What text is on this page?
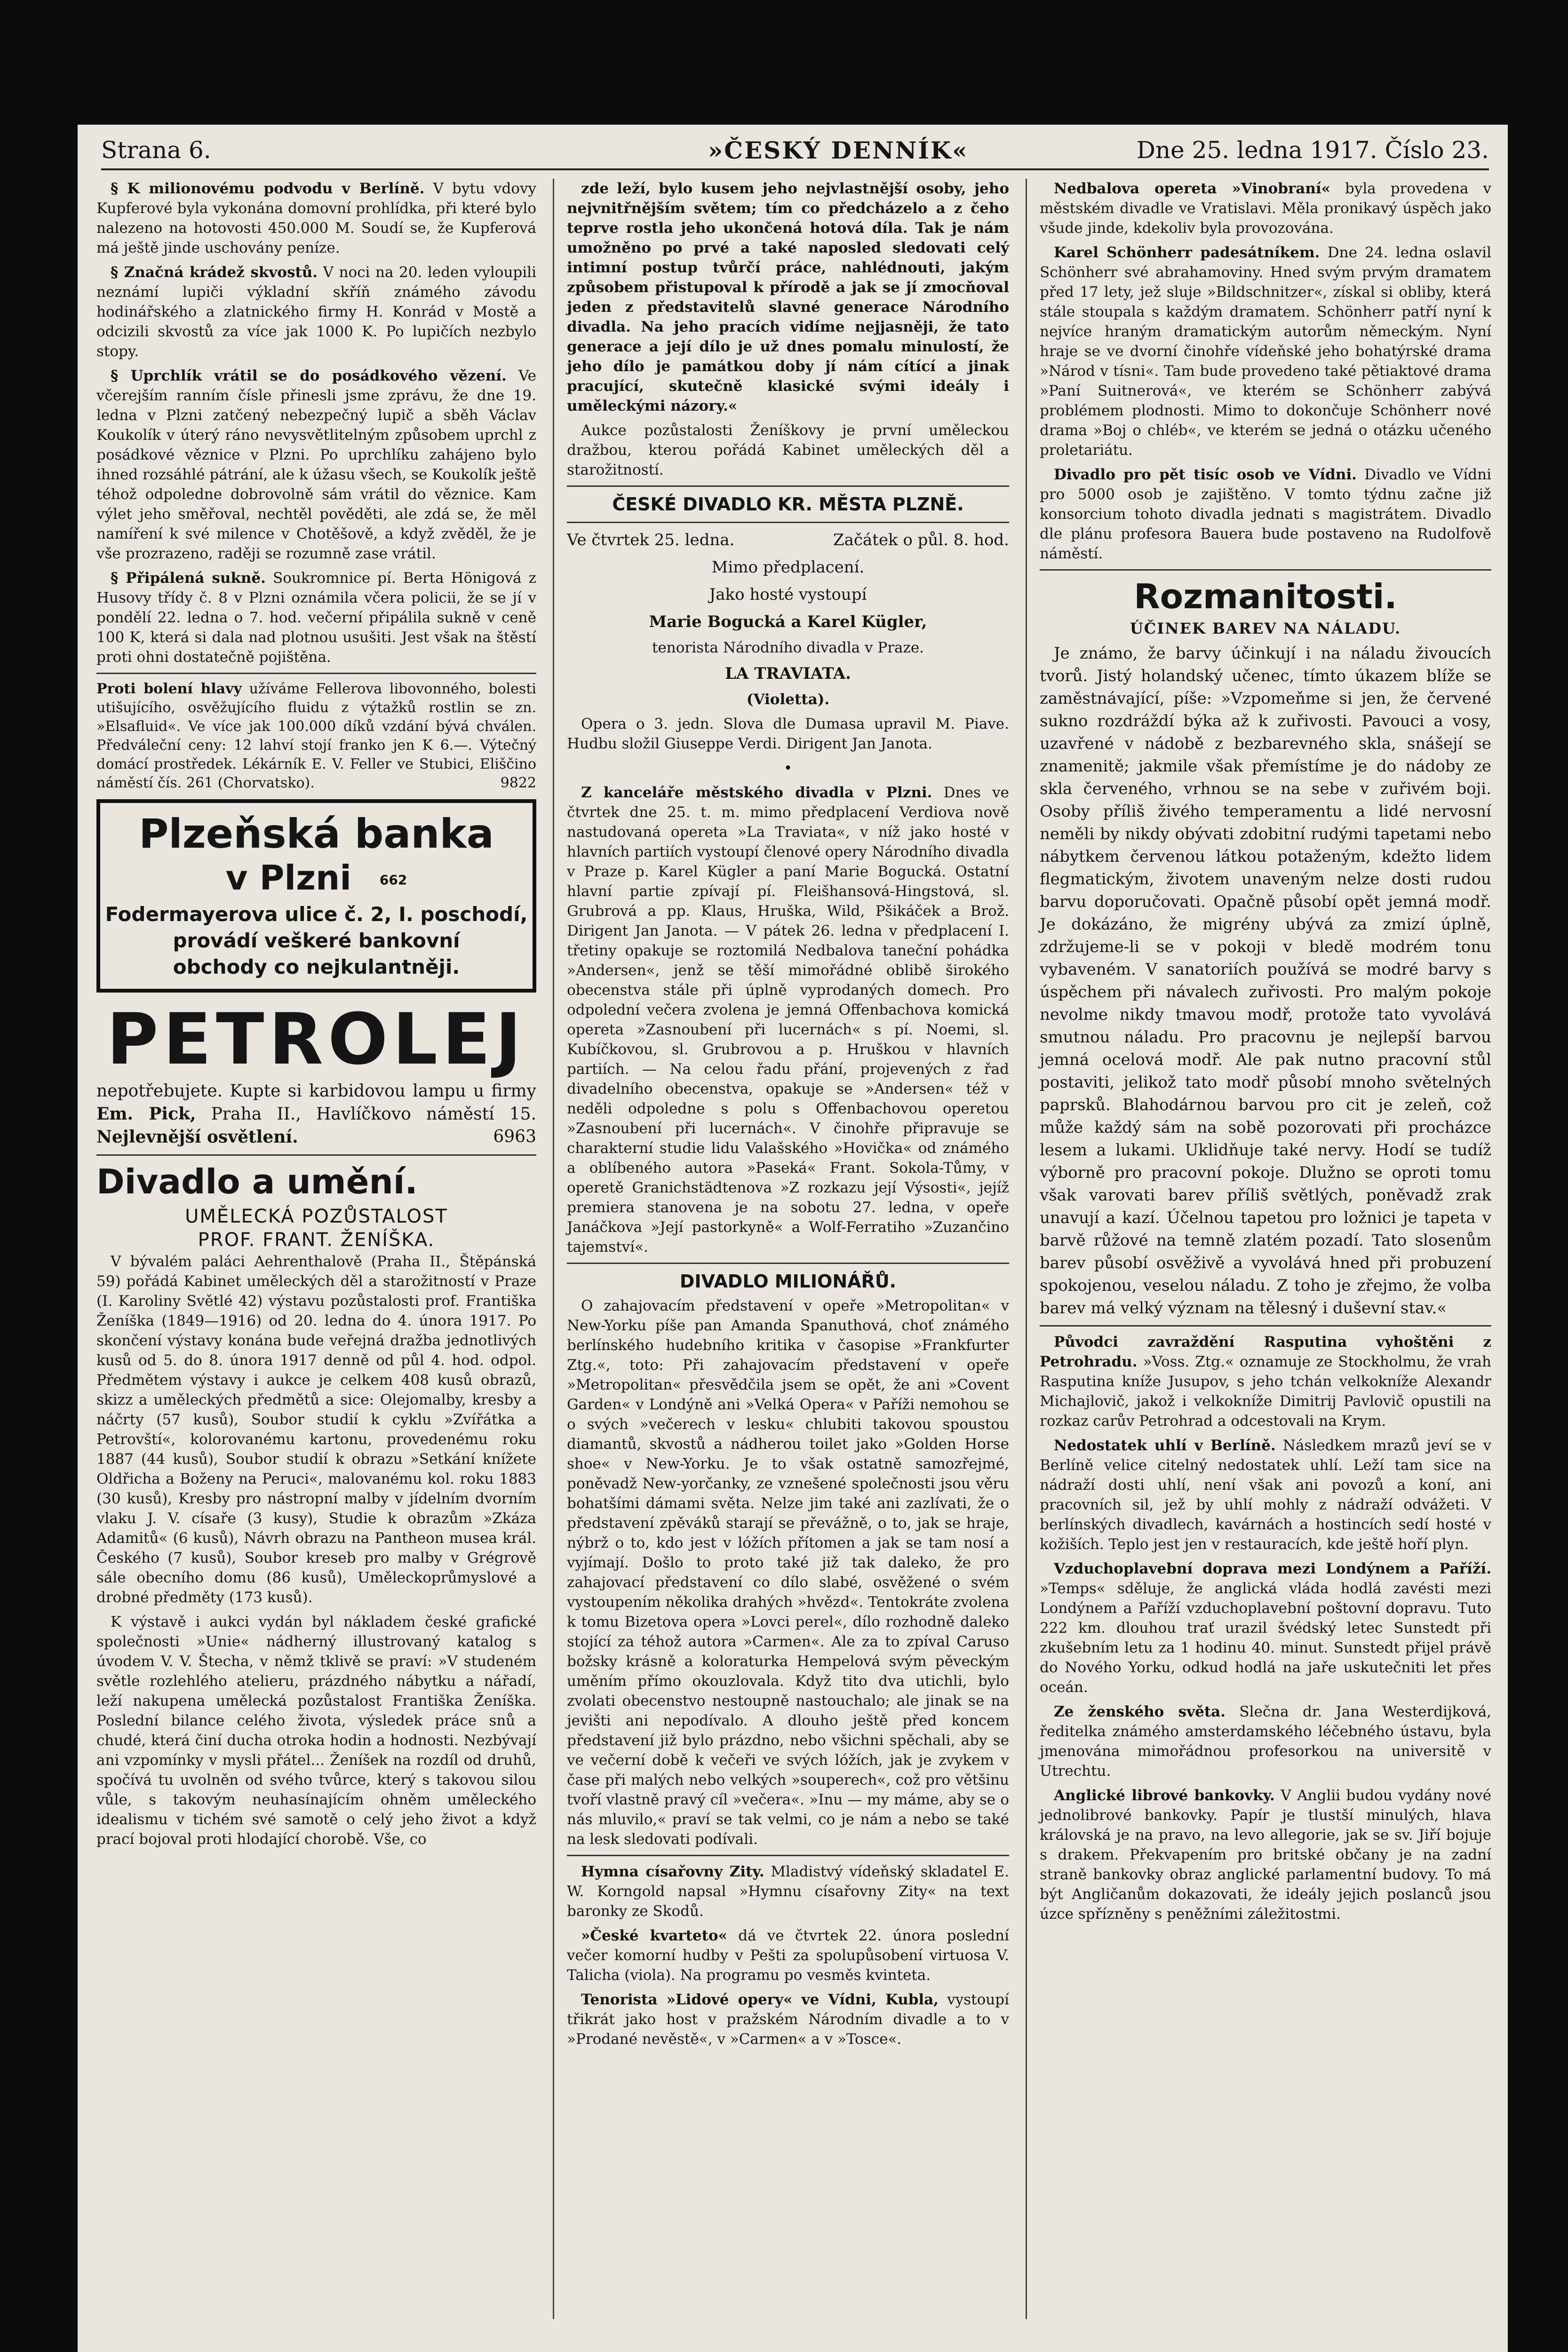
Strana 6.	»ČESKÝ DENNÍK«	Dne 25. ledna 1917. Číslo 23.

§ K milionovému podvodu v Berlíně. V bytu vdovy Kupferové byla vykonána domovní prohlídka, při které bylo nalezeno na hotovosti 450.000 M. Soudí se, že Kupferová má ještě jinde uschovány peníze.

§ Značná krádež skvostů. V noci na 20. leden vyloupili neznámí lupiči výkladní skříň známého závodu hodinářského a zlatnického firmy H. Konrád v Mostě a odcizili skvostů za více jak 1000 K. Po lupičích nezbylo stopy.

§ Uprchlík vrátil se do posádkového vězení. Ve včerejším ranním čísle přinesli jsme zprávu, že dne 19. ledna v Plzni zatčený nebezpečný lupič a sběh Václav Koukolík v úterý ráno nevysvětlitelným způsobem uprchl z posádkové věznice v Plzni. Po uprchlíku zahájeno bylo ihned rozsáhlé pátrání, ale k úžasu všech, se Koukolík ještě téhož odpoledne dobrovolně sám vrátil do věznice. Kam výlet jeho směřoval, nechtěl pověděti, ale zdá se, že měl namíření k své milence v Chotěšově, a když zvěděl, že je vše prozrazeno, raději se rozumně zase vrátil.

§ Připálená sukně. Soukromnice pí. Berta Hönigová z Husovy třídy č. 8 v Plzni oznámila včera policii, že se jí v pondělí 22. ledna o 7. hod. večerní připálila sukně v ceně 100 K, která si dala nad plotnou usušiti. Jest však na štěstí proti ohni dostatečně pojištěna.

Proti bolení hlavy užíváme Fellerova libovonného, bolesti utišujícího, osvěžujícího fluidu z výtažků rostlin se zn. »Elsafluid«. Ve více jak 100.000 díků vzdání bývá chválen. Předváleční ceny: 12 lahví stojí franko jen K 6.—. Výtečný domácí prostředek. Lékárník E. V. Feller ve Stubici, Eliščino náměstí čís. 261 (Chorvatsko).	9822

Plzeňská banka
v Plzni 662
Fodermayerova ulice č. 2, I. poschodí,
provádí veškeré bankovní
obchody co nejkulantněji.
PETROLEJ

nepotřebujete. Kupte si karbidovou lampu u firmy Em. Pick, Praha II., Havlíčkovo náměstí 15. Nejlevnější osvětlení.	6963

Divadlo a umění.
UMĚLECKÁ POZŮSTALOST
PROF. FRANT. ŽENÍŠKA.

V bývalém paláci Aehrenthalově (Praha II., Štěpánská 59) pořádá Kabinet uměleckých děl a starožitností v Praze (I. Karoliny Světlé 42) výstavu pozůstalosti prof. Františka Ženíška (1849—1916) od 20. ledna do 4. února 1917. Po skončení výstavy konána bude veřejná dražba jednotlivých kusů od 5. do 8. února 1917 denně od půl 4. hod. odpol. Předmětem výstavy i aukce je celkem 408 kusů obrazů, skizz a uměleckých předmětů a sice: Olejomalby, kresby a náčrty (57 kusů), Soubor studií k cyklu »Zvířátka a Petrovští«, kolorovanému kartonu, provedenému roku 1887 (44 kusů), Soubor studií k obrazu »Setkání knížete Oldřicha a Boženy na Peruci«, malovanému kol. roku 1883 (30 kusů), Kresby pro nástropní malby v jídelním dvorním vlaku J. V. císaře (3 kusy), Studie k obrazům »Zkáza Adamitů« (6 kusů), Návrh obrazu na Pantheon musea král. Českého (7 kusů), Soubor kreseb pro malby v Grégrově sále obecního domu (86 kusů), Uměleckoprůmyslové a drobné předměty (173 kusů).

K výstavě i aukci vydán byl nákladem české grafické společnosti »Unie« nádherný illustrovaný katalog s úvodem V. V. Štecha, v němž tklivě se praví: »V studeném světle rozlehlého atelieru, prázdného nábytku a nářadí, leží nakupena umělecká pozůstalost Františka Ženíška. Poslední bilance celého života, výsledek práce snů a chudé, která činí ducha otroka hodin a hodnosti. Nezbývají ani vzpomínky v mysli přátel... Ženíšek na rozdíl od druhů, spočívá tu uvolněn od svého tvůrce, který s takovou silou vůle, s takovým neuhasínajícím ohněm uměleckého idealismu v tichém své samotě o celý jeho život a když prací bojoval proti hlodající chorobě. Vše, co

zde leží, bylo kusem jeho nejvlastnější osoby, jeho nejvnitřnějším světem; tím co předcházelo a z čeho teprve rostla jeho ukončená hotová díla. Tak je nám umožněno po prvé a také naposled sledovati celý intimní postup tvůrčí práce, nahlédnouti, jakým způsobem přistupoval k přírodě a jak se jí zmocňoval jeden z představitelů slavné generace Národního divadla. Na jeho pracích vidíme nejjasněji, že tato generace a její dílo je už dnes pomalu minulostí, že jeho dílo je památkou doby jí nám cítící a jinak pracující, skutečně klasické svými ideály i uměleckými názory.«

Aukce pozůstalosti Ženíškovy je první uměleckou dražbou, kterou pořádá Kabinet uměleckých děl a starožitností.

ČESKÉ DIVADLO KR. MĚSTA PLZNĚ.

Ve čtvrtek 25. ledna.	Začátek o půl. 8. hod.

Mimo předplacení.

Jako hosté vystoupí

Marie Bogucká a Karel Kügler,

tenorista Národního divadla v Praze.

LA TRAVIATA.

(Violetta).

Opera o 3. jedn. Slova dle Dumasa upravil M. Piave. Hudbu složil Giuseppe Verdi. Dirigent Jan Janota.

•

Z kanceláře městského divadla v Plzni. Dnes ve čtvrtek dne 25. t. m. mimo předplacení Verdiova nově nastudovaná opereta »La Traviata«, v níž jako hosté v hlavních partiích vystoupí členové opery Národního divadla v Praze p. Karel Kügler a paní Marie Bogucká. Ostatní hlavní partie zpívají pí. Fleišhansová-Hingstová, sl. Grubrová a pp. Klaus, Hruška, Wild, Pšikáček a Brož. Dirigent Jan Janota. — V pátek 26. ledna v předplacení I. třetiny opakuje se roztomilá Nedbalova taneční pohádka »Andersen«, jenž se těší mimořádné oblibě širokého obecenstva stále při úplně vyprodaných domech. Pro odpolední večera zvolena je jemná Offenbachova komická opereta »Zasnoubení při lucernách« s pí. Noemi, sl. Kubíčkovou, sl. Grubrovou a p. Hruškou v hlavních partiích. — Na celou řadu přání, projevených z řad divadelního obecenstva, opakuje se »Andersen« též v neděli odpoledne s polu s Offenbachovou operetou »Zasnoubení při lucernách«. V činohře připravuje se charakterní studie lidu Valašského »Hovička« od známého a oblíbeného autora »Paseká« Frant. Sokola-Tůmy, v operetě Granichstädtenova »Z rozkazu její Výsosti«, jejíž premiera stanovena je na sobotu 27. ledna, v opeře Janáčkova »Její pastorkyně« a Wolf-Ferratiho »Zuzančino tajemství«.

DIVADLO MILIONÁŘŮ.

O zahajovacím představení v opeře »Metropolitan« v New-Yorku píše pan Amanda Spanuthová, choť známého berlínského hudebního kritika v časopise »Frankfurter Ztg.«, toto: Při zahajovacím představení v opeře »Metropolitan« přesvědčila jsem se opět, že ani »Covent Garden« v Londýně ani »Velká Opera« v Paříži nemohou se o svých »večerech v lesku« chlubiti takovou spoustou diamantů, skvostů a nádherou toilet jako »Golden Horse shoe« v New-Yorku. Je to však ostatně samozřejmé, poněvadž New-yorčanky, ze vznešené společnosti jsou věru bohatšími dámami světa. Nelze jim také ani zazlívati, že o představení zpěváků starají se převážně, o to, jak se hraje, nýbrž o to, kdo jest v lóžích přítomen a jak se tam nosí a vyjímají. Došlo to proto také již tak daleko, že pro zahajovací představení co dílo slabé, osvěžené o svém vystoupením několika drahých »hvězd«. Tentokráte zvolena k tomu Bizetova opera »Lovci perel«, dílo rozhodně daleko stojící za téhož autora »Carmen«. Ale za to zpíval Caruso božsky krásně a koloraturka Hempelová svým pěveckým uměním přímo okouzlovala. Když tito dva utichli, bylo zvolati obecenstvo nestoupně nastouchalo; ale jinak se na jevišti ani nepodívalo. A dlouho ještě před koncem představení již bylo prázdno, nebo všichni spěchali, aby se ve večerní době k večeři ve svých lóžích, jak je zvykem v čase při malých nebo velkých »souperech«, což pro většinu tvoří vlastně pravý cíl »večera«. »Inu — my máme, aby se o nás mluvilo,« praví se tak velmi, co je nám a nebo se také na lesk sledovati podívali.

Hymna císařovny Zity. Mladistvý vídeňský skladatel E. W. Korngold napsal »Hymnu císařovny Zity« na text baronky ze Skodů.

»České kvarteto« dá ve čtvrtek 22. února poslední večer komorní hudby v Pešti za spolupůsobení virtuosa V. Talicha (viola). Na programu po vesměs kvinteta.

Tenorista »Lidové opery« ve Vídni, Kubla, vystoupí třikrát jako host v pražském Národním divadle a to v »Prodané nevěstě«, v »Carmen« a v »Tosce«.

Nedbalova opereta »Vinobraní« byla provedena v městském divadle ve Vratislavi. Měla pronikavý úspěch jako všude jinde, kdekoliv byla provozována.

Karel Schönherr padesátníkem. Dne 24. ledna oslavil Schönherr své abrahamoviny. Hned svým prvým dramatem před 17 lety, jež sluje »Bildschnitzer«, získal si obliby, která stále stoupala s každým dramatem. Schönherr patří nyní k nejvíce hraným dramatickým autorům německým. Nyní hraje se ve dvorní činohře vídeňské jeho bohatýrské drama »Národ v tísni«. Tam bude provedeno také pětiaktové drama »Paní Suitnerová«, ve kterém se Schönherr zabývá problémem plodnosti. Mimo to dokončuje Schönherr nové drama »Boj o chléb«, ve kterém se jedná o otázku učeného proletariátu.

Divadlo pro pět tisíc osob ve Vídni. Divadlo ve Vídni pro 5000 osob je zajištěno. V tomto týdnu začne již konsorcium tohoto divadla jednati s magistrátem. Divadlo dle plánu profesora Bauera bude postaveno na Rudolfově náměstí.

Rozmanitosti.
ÚČINEK BAREV NA NÁLADU.

Je známo, že barvy účinkují i na náladu živoucích tvorů. Jistý holandský učenec, tímto úkazem blíže se zaměstnávající, píše: »Vzpomeňme si jen, že červené sukno rozdráždí býka až k zuřivosti. Pavouci a vosy, uzavřené v nádobě z bezbarevného skla, snášejí se znamenitě; jakmile však přemístíme je do nádoby ze skla červeného, vrhnou se na sebe v zuřivém boji. Osoby příliš živého temperamentu a lidé nervosní neměli by nikdy obývati zdobitní rudými tapetami nebo nábytkem červenou látkou potaženým, kdežto lidem flegmatickým, životem unaveným nelze dosti rudou barvu doporučovati. Opačně působí opět jemná modř. Je dokázáno, že migrény ubývá za zmizí úplně, zdržujeme-li se v pokoji v bledě modrém tonu vybaveném. V sanatoriích používá se modré barvy s úspěchem při návalech zuřivosti. Pro malým pokoje nevolme nikdy tmavou modř, protože tato vyvolává smutnou náladu. Pro pracovnu je nejlepší barvou jemná ocelová modř. Ale pak nutno pracovní stůl postaviti, jelikož tato modř působí mnoho světelných paprsků. Blahodárnou barvou pro cit je zeleň, což může každý sám na sobě pozorovati při procházce lesem a lukami. Uklidňuje také nervy. Hodí se tudíž výborně pro pracovní pokoje. Dlužno se oproti tomu však varovati barev příliš světlých, poněvadž zrak unavují a kazí. Účelnou tapetou pro ložnici je tapeta v barvě růžové na temně zlatém pozadí. Tato slosenům barev působí osvěživě a vyvolává hned při probuzení spokojenou, veselou náladu. Z toho je zřejmo, že volba barev má velký význam na tělesný i duševní stav.«

Původci zavraždění Rasputina vyhoštěni z Petrohradu. »Voss. Ztg.« oznamuje ze Stockholmu, že vrah Rasputina kníže Jusupov, s jeho tchán velkokníže Alexandr Michajlovič, jakož i velkokníže Dimitrij Pavlovič opustili na rozkaz carův Petrohrad a odcestovali na Krym.

Nedostatek uhlí v Berlíně. Následkem mrazů jeví se v Berlíně velice citelný nedostatek uhlí. Leží tam sice na nádraží dosti uhlí, není však ani povozů a koní, ani pracovních sil, jež by uhlí mohly z nádraží odvážeti. V berlínských divadlech, kavárnách a hostincích sedí hosté v kožiších. Teplo jest jen v restauracích, kde ještě hoří plyn.

Vzduchoplavební doprava mezi Londýnem a Paříží. »Temps« sděluje, že anglická vláda hodlá zavésti mezi Londýnem a Paříží vzduchoplavební poštovní dopravu. Tuto 222 km. dlouhou trať urazil švédský letec Sunstedt při zkušebním letu za 1 hodinu 40. minut. Sunstedt přijel právě do Nového Yorku, odkud hodlá na jaře uskutečniti let přes oceán.

Ze ženského světa. Slečna dr. Jana Westerdijková, ředitelka známého amsterdamského léčebného ústavu, byla jmenována mimořádnou profesorkou na universitě v Utrechtu.

Anglické librové bankovky. V Anglii budou vydány nové jednolibrové bankovky. Papír je tlustší minulých, hlava královská je na pravo, na levo allegorie, jak se sv. Jiří bojuje s drakem. Překvapením pro britské občany je na zadní straně bankovky obraz anglické parlamentní budovy. To má být Angličanům dokazovati, že ideály jejich poslanců jsou úzce spřízněny s peněžními záležitostmi.
